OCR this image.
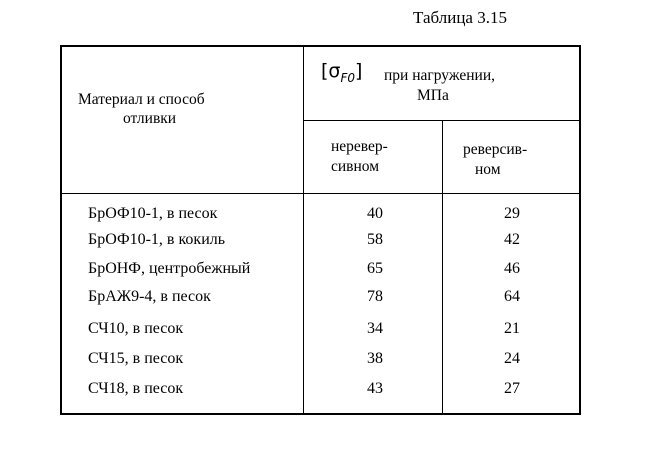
Таблица 3.15
Материал и способ
отливки
$[\sigma_{F0}]$ при нагружении,
МПа
неревер-
сивном
реверсив-
ном
БрОФ10-1, в песок	40	29
БрОФ10-1, в кокиль	58	42
БрОНФ, центробежный	65	46
БрАЖ9-4, в песок	78	64
СЧ10, в песок	34	21
СЧ15, в песок	38	24
СЧ18, в песок	43	27
